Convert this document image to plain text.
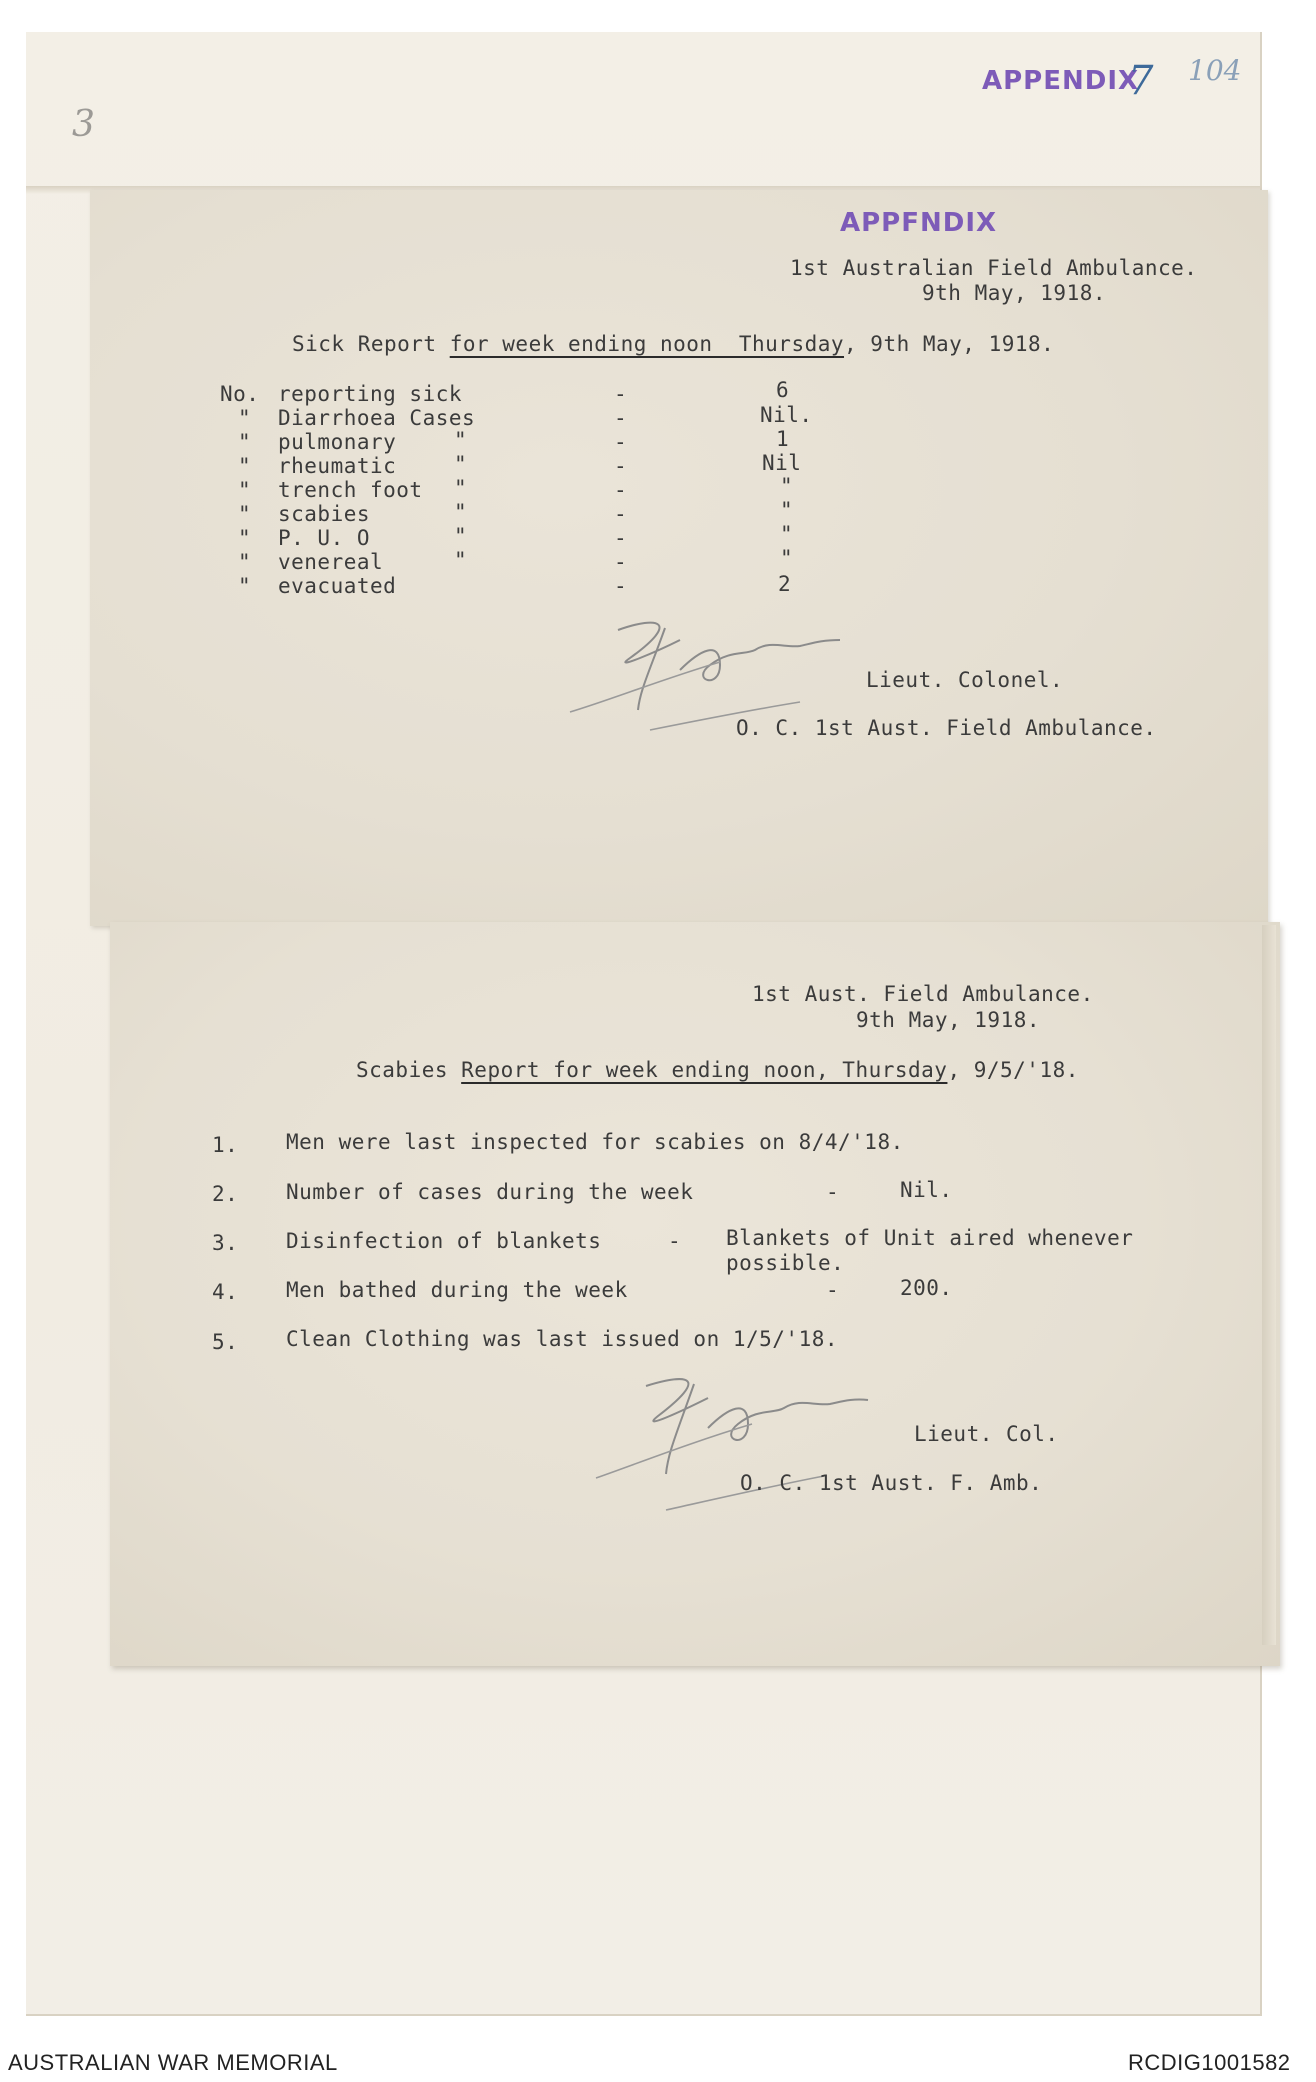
APPENDIX
7 104
3
APPFNDIX
1st Australian Field Ambulance.
9th May, 1918.
Sick Report for week ending noon  Thursday, 9th May, 1918.
No. reporting sick	-	6
" Diarrhoea Cases	-	Nil.
" pulmonary	"	-	1
" rheumatic	"	-	Nil
" trench foot "	-	"
" scabies	"	-	"
" P. U. O	"	-	"
" venereal	"	-	"
" evacuated	-	2
Lieut. Colonel.
O. C. 1st Aust. Field Ambulance.
1st Aust. Field Ambulance.
9th May, 1918.
Scabies Report for week ending noon, Thursday, 9/5/'18.
1. Men were last inspected for scabies on 8/4/'18.
2. Number of cases during the week	-	Nil.
3. Disinfection of blankets	- Blankets of Unit aired whenever
possible.
4. Men bathed during the week	-	200.
5. Clean Clothing was last issued on 1/5/'18.
Lieut. Col.
O. C. 1st Aust. F. Amb.
AUSTRALIAN WAR MEMORIAL	RCDIG1001582
